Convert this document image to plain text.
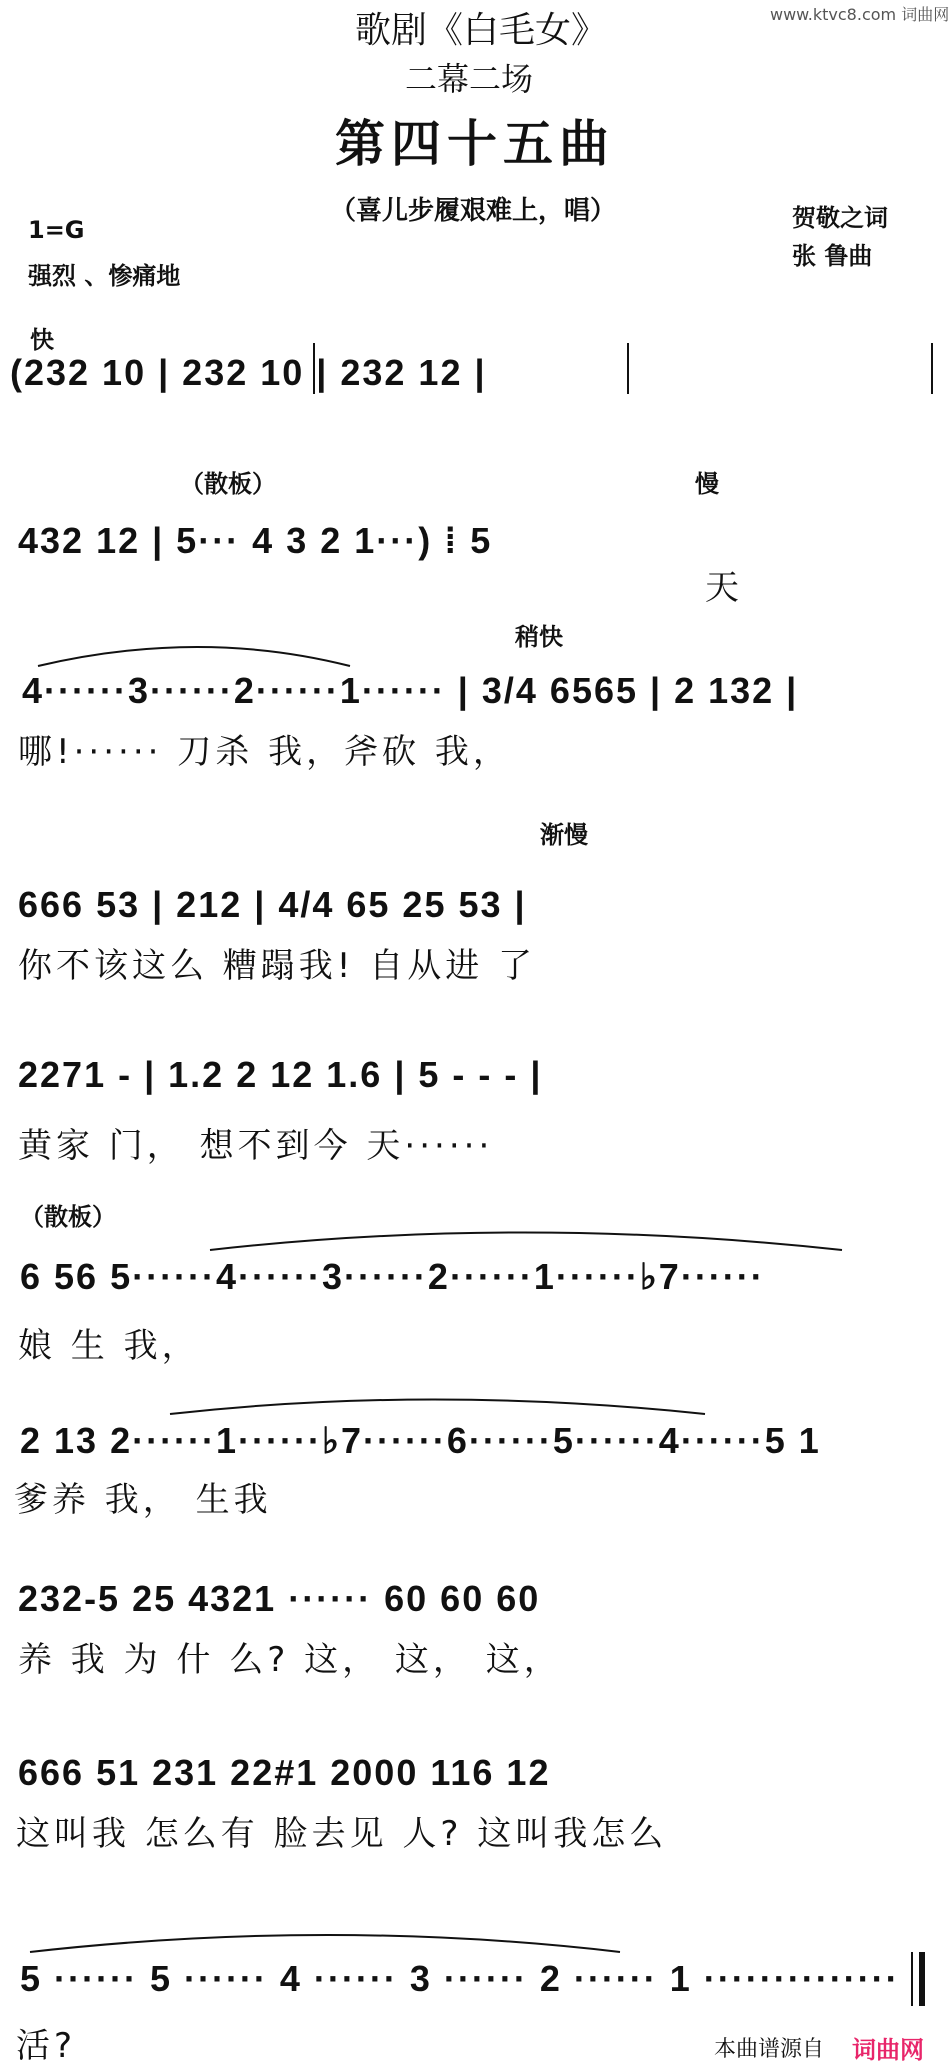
歌剧《白毛女》
二幕二场
第四十五曲
（喜儿步履艰难上，唱）
1=G
强烈 、惨痛地
贺敬之词
张 鲁曲
www.ktvc8.com 词曲网
快
（散板）	慢
稍快
渐慢
（散板）
(232 10 | 232 10 | 232 12 |
432 12 | 5··· 4 3 2 1···) ⁞ 5
天
4······3······2······1······ | 3/4 6565 | 2 132 |
哪!······ 刀杀 我，斧砍 我，
666 53 | 212 | 4/4 65 25 53 |
你不该这么 糟蹋我! 自从进 了
2271 - | 1.2 2 12 1.6 | 5 - - - |
黄家 门， 想不到今 天······
6 56 5······4······3······2······1······♭7······
娘 生 我，
2 13 2······1······♭7······6······5······4······5 1
爹养 我， 生我
232-5 25 4321 ······ 60 60 60
养 我 为 什 么? 这， 这， 这，
666 51 231 22#1 2000 116 12
这叫我 怎么有 脸去见 人? 这叫我怎么
5 ······ 5 ······ 4 ······ 3 ······ 2 ······ 1 ··············
活?	本曲谱源自 词曲网
